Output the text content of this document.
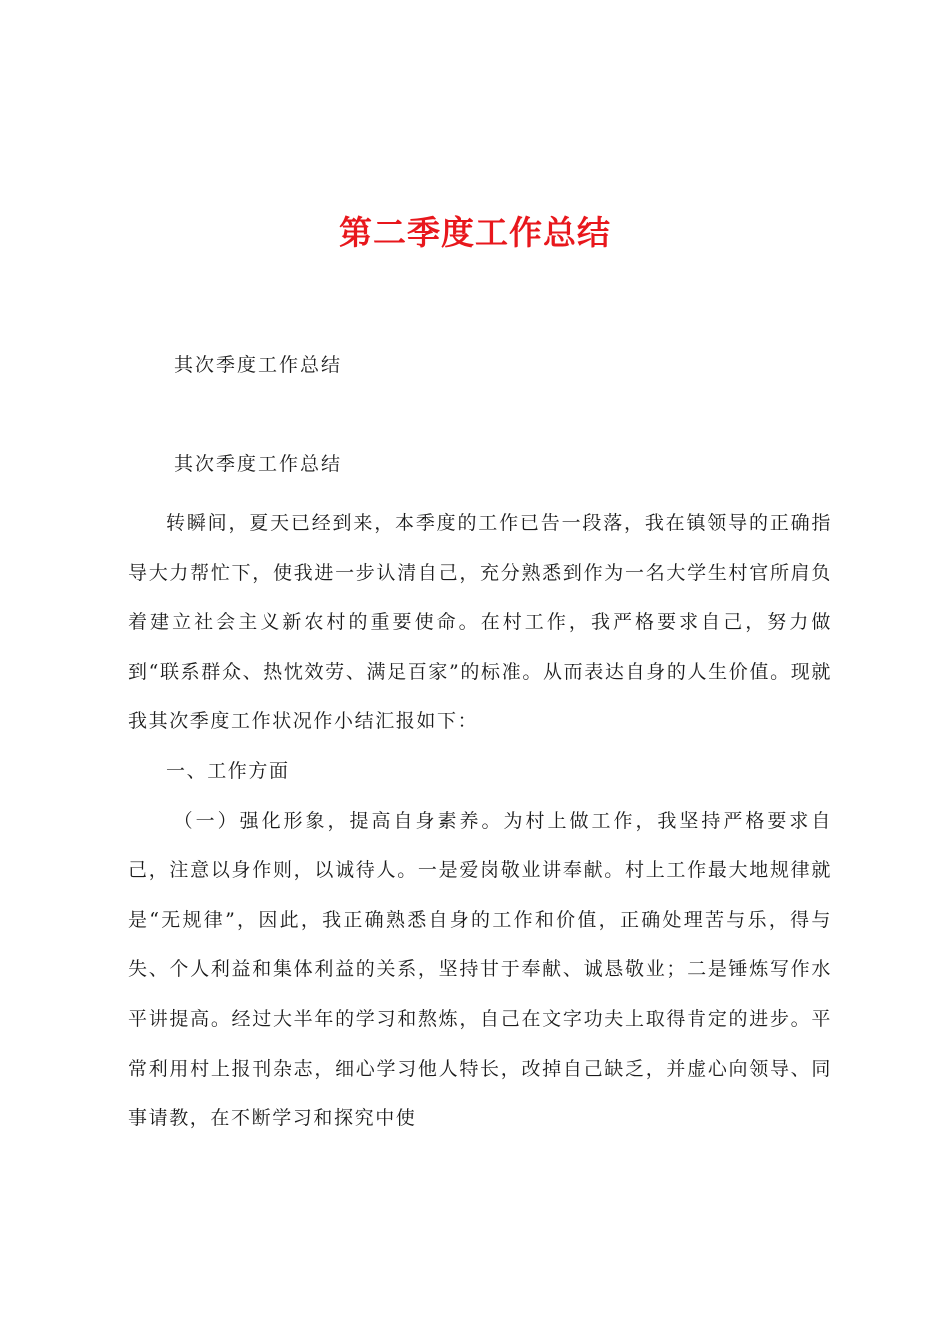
第二季度工作总结
其次季度工作总结
其次季度工作总结

转瞬间，夏天已经到来，本季度的工作已告一段落，我在镇领导的正确指导大力帮忙下，使我进一步认清自己，充分熟悉到作为一名大学生村官所肩负着建立社会主义新农村的重要使命。在村工作，我严格要求自己，努力做到“联系群众、热忱效劳、满足百家”的标准。从而表达自身的人生价值。现就我其次季度工作状况作小结汇报如下：

一、工作方面

（一）强化形象，提高自身素养。为村上做工作，我坚持严格要求自己，注意以身作则，以诚待人。一是爱岗敬业讲奉献。村上工作最大地规律就是“无规律”，因此，我正确熟悉自身的工作和价值，正确处理苦与乐，得与失、个人利益和集体利益的关系，坚持甘于奉献、诚恳敬业；二是锤炼写作水平讲提高。经过大半年的学习和熬炼，自己在文字功夫上取得肯定的进步。平常利用村上报刊杂志，细心学习他人特长，改掉自己缺乏，并虚心向领导、同事请教，在不断学习和探究中使
